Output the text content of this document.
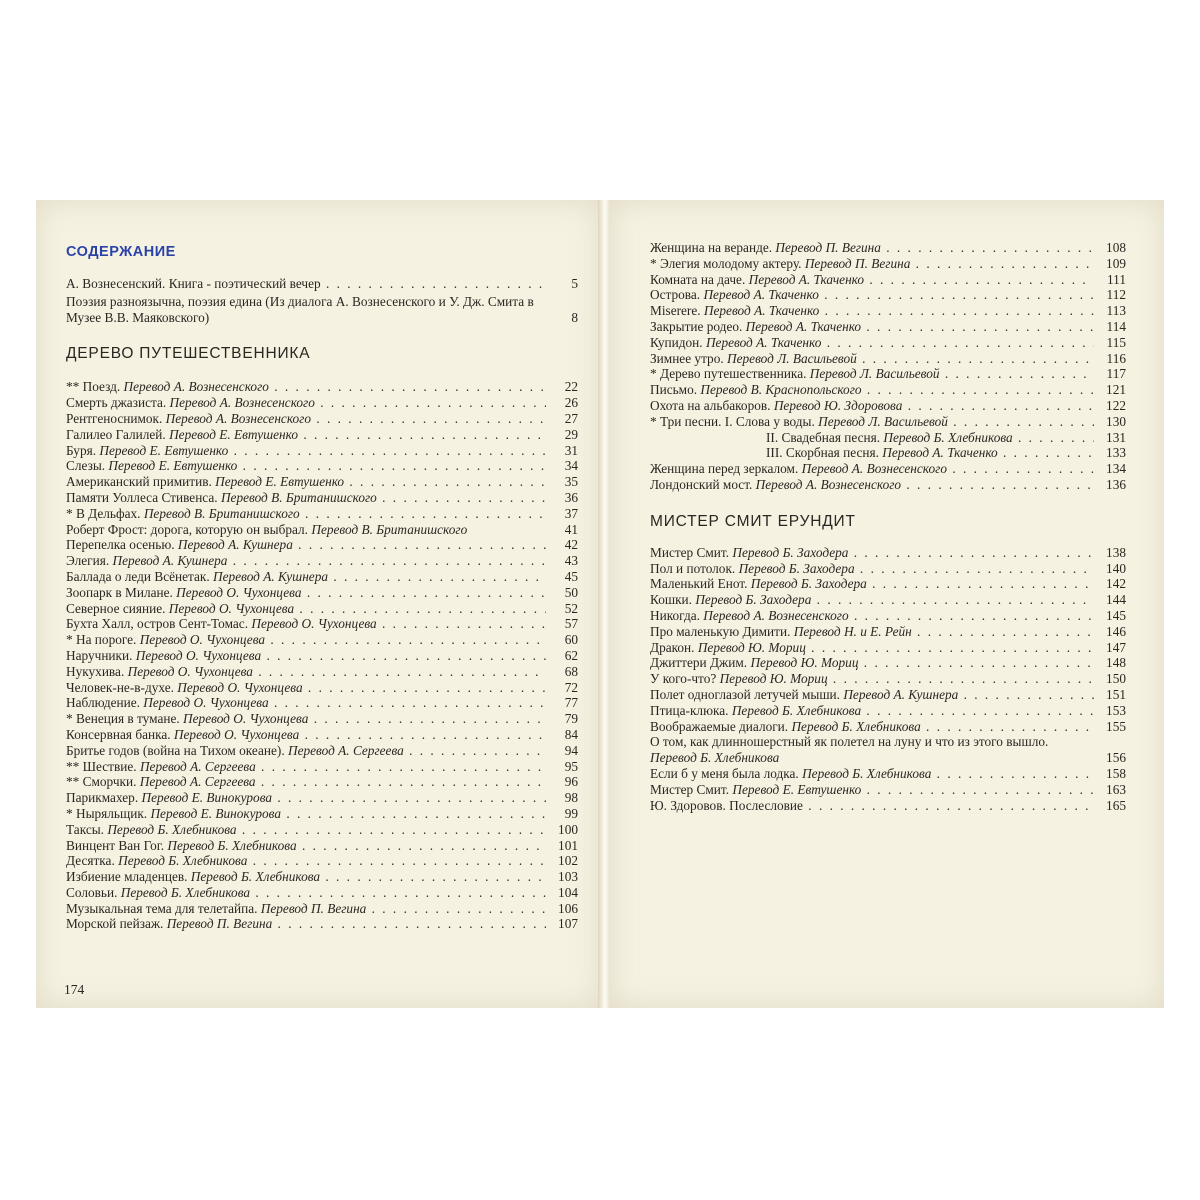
СОДЕРЖАНИЕ
А. Вознесенский. Книга - поэтический вечер . . .	5
Поэзия разноязычна, поэзия едина (Из диалога А. Вознесенского и У. Дж. Смита в Музее В.В. Маяковского)	8
ДЕРЕВО ПУТЕШЕСТВЕННИКА
** Поезд. Перевод А. Вознесенского . . .	22
Смерть джазиста. Перевод А. Вознесенского . . .	26
Рентгеноснимок. Перевод А. Вознесенского . . .	27
Галилео Галилей. Перевод Е. Евтушенко . . .	29
Буря. Перевод Е. Евтушенко . . .	31
Слезы. Перевод Е. Евтушенко . . .	34
Американский примитив. Перевод Е. Евтушенко . . .	35
Памяти Уоллеса Стивенса. Перевод В. Британишского . . .	36
* В Дельфах. Перевод В. Британишского . . .	37
Роберт Фрост: дорога, которую он выбрал. Перевод В. Британишского	41
Перепелка осенью. Перевод А. Кушнера . . .	42
Элегия. Перевод А. Кушнера . . .	43
Баллада о леди Всёнетак. Перевод А. Кушнера . . .	45
Зоопарк в Милане. Перевод О. Чухонцева . . .	50
Северное сияние. Перевод О. Чухонцева . . .	52
Бухта Халл, остров Сент-Томас. Перевод О. Чухонцева . . .	57
* На пороге. Перевод О. Чухонцева . . .	60
Наручники. Перевод О. Чухонцева . . .	62
Нукухива. Перевод О. Чухонцева . . .	68
Человек-не-в-духе. Перевод О. Чухонцева . . .	72
Наблюдение. Перевод О. Чухонцева . . .	77
* Венеция в тумане. Перевод О. Чухонцева . . .	79
Консервная банка. Перевод О. Чухонцева . . .	84
Бритье годов (война на Тихом океане). Перевод А. Сергеева . . .	94
** Шествие. Перевод А. Сергеева . . .	95
** Сморчки. Перевод А. Сергеева . . .	96
Парикмахер. Перевод Е. Винокурова . . .	98
* Ныряльщик. Перевод Е. Винокурова . . .	99
Таксы. Перевод Б. Хлебникова . . .	100
Винцент Ван Гог. Перевод Б. Хлебникова . . .	101
Десятка. Перевод Б. Хлебникова . . .	102
Избиение младенцев. Перевод Б. Хлебникова . . .	103
Соловьи. Перевод Б. Хлебникова . . .	104
Музыкальная тема для телетайпа. Перевод П. Вегина . . .	106
Морской пейзаж. Перевод П. Вегина . . .	107
174
Женщина на веранде. Перевод П. Вегина . . .	108
* Элегия молодому актеру. Перевод П. Вегина . . .	109
Комната на даче. Перевод А. Ткаченко . . .	111
Острова. Перевод А. Ткаченко . . .	112
Miserere. Перевод А. Ткаченко . . .	113
Закрытие родео. Перевод А. Ткаченко . . .	114
Купидон. Перевод А. Ткаченко . . .	115
Зимнее утро. Перевод Л. Васильевой . . .	116
* Дерево путешественника. Перевод Л. Васильевой . . .	117
Письмо. Перевод В. Краснопольского . . .	121
Охота на альбакоров. Перевод Ю. Здоровова . . .	122
* Три песни. I. Слова у воды. Перевод Л. Васильевой . . .	130
II. Свадебная песня. Перевод Б. Хлебникова . . .	131
III. Скорбная песня. Перевод А. Ткаченко . . .	133
Женщина перед зеркалом. Перевод А. Вознесенского . . .	134
Лондонский мост. Перевод А. Вознесенского . . .	136
МИСТЕР СМИТ ЕРУНДИТ
Мистер Смит. Перевод Б. Заходера . . .	138
Пол и потолок. Перевод Б. Заходера . . .	140
Маленький Енот. Перевод Б. Заходера . . .	142
Кошки. Перевод Б. Заходера . . .	144
Никогда. Перевод А. Вознесенского . . .	145
Про маленькую Димити. Перевод Н. и Е. Рейн . . .	146
Дракон. Перевод Ю. Мориц . . .	147
Джиттери Джим. Перевод Ю. Мориц . . .	148
У кого-что? Перевод Ю. Мориц . . .	150
Полет одноглазой летучей мыши. Перевод А. Кушнера . . .	151
Птица-клюка. Перевод Б. Хлебникова . . .	153
Воображаемые диалоги. Перевод Б. Хлебникова . . .	155
О том, как длинношерстный як полетел на луну и что из этого вышло. Перевод Б. Хлебникова	156
Если б у меня была лодка. Перевод Б. Хлебникова . . .	158
Мистер Смит. Перевод Е. Евтушенко . . .	163
Ю. Здоровов. Послесловие . . .	165
